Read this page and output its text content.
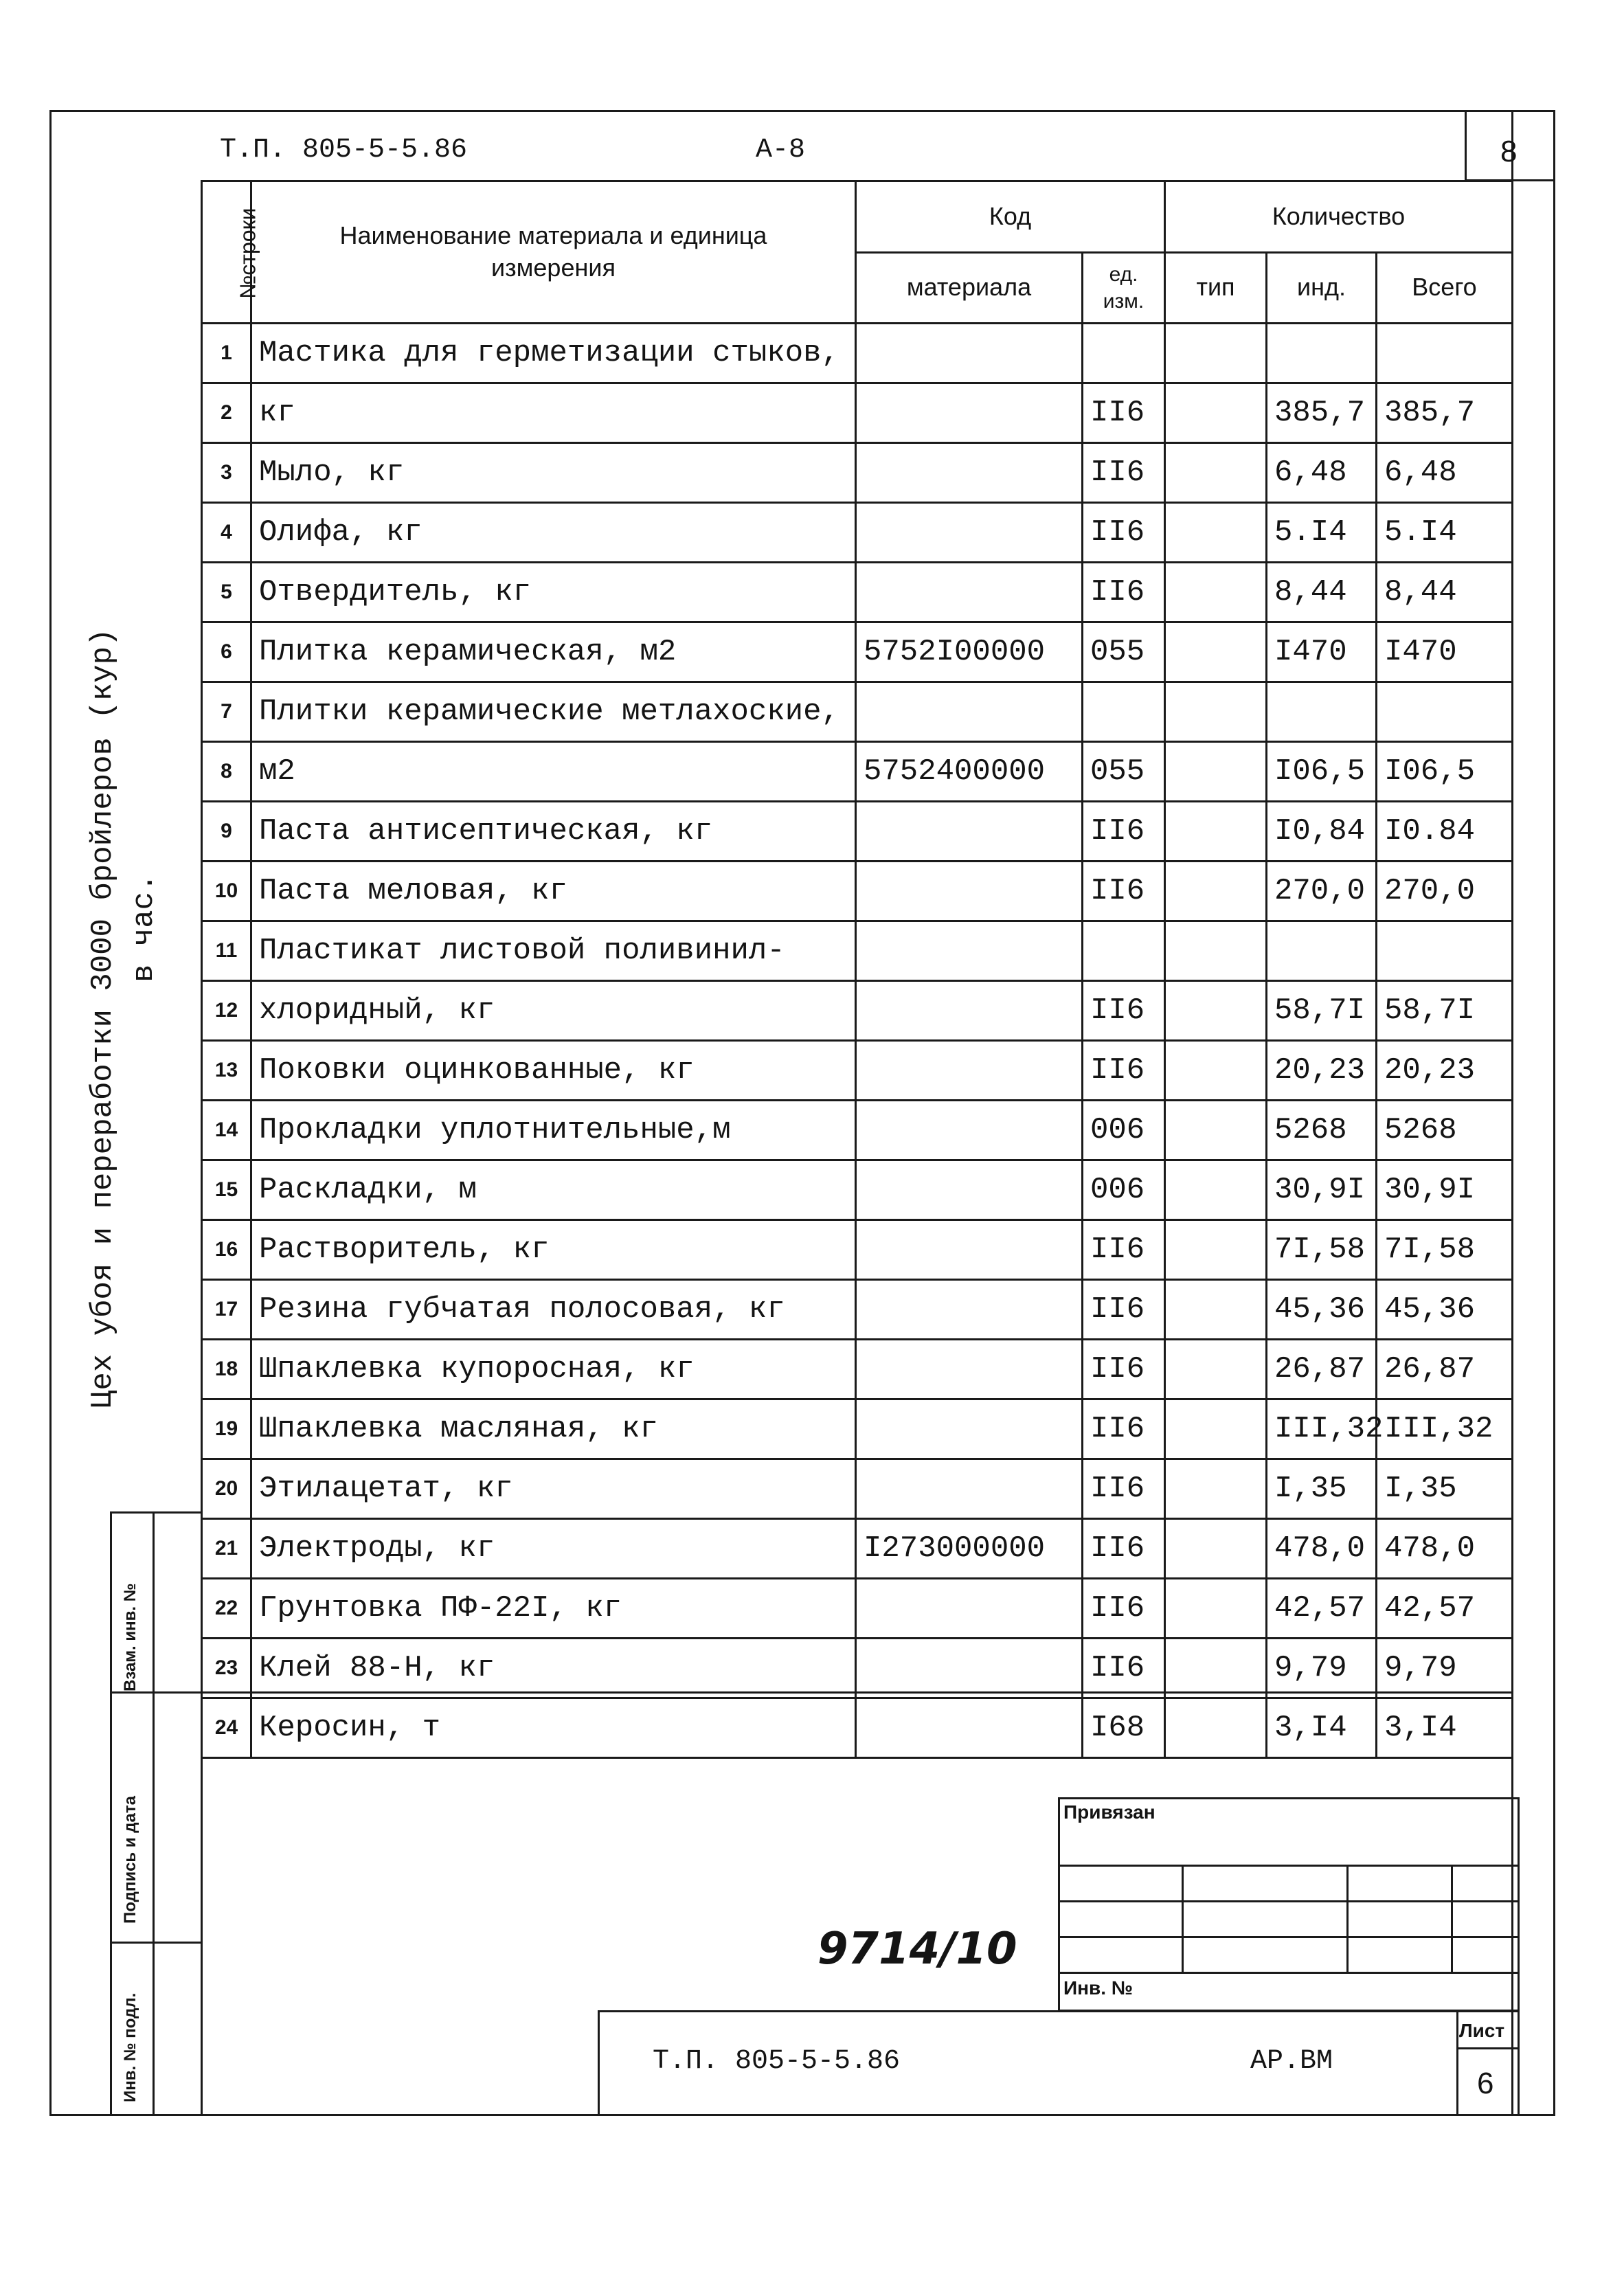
Т.П. 805-5-5.86	А-8	8
№строки	Наименование материала и единица измерения	Код		Количество		
		материала	ед. изм.	тип	инд.	Всего
1	Мастика для герметизации стыков,					
2	кг		II6		385,7	385,7
3	Мыло, кг		II6		6,48	6,48
4	Олифа, кг		II6		5.I4	5.I4
5	Отвердитель, кг		II6		8,44	8,44
6	Плитка керамическая, м2	5752I00000	055		I470	I470
7	Плитки керамические метлахоские,					
8	м2	5752400000	055		I06,5	I06,5
9	Паста антисептическая, кг		II6		I0,84	I0.84
10	Паста меловая, кг		II6		270,0	270,0
11	Пластикат листовой поливинил-					
12	хлоридный, кг		II6		58,7I	58,7I
13	Поковки оцинкованные, кг		II6		20,23	20,23
14	Прокладки уплотнительные,м		006		5268	5268
15	Раскладки, м		006		30,9I	30,9I
16	Растворитель, кг		II6		7I,58	7I,58
17	Резина губчатая полосовая, кг		II6		45,36	45,36
18	Шпаклевка купоросная, кг		II6		26,87	26,87
19	Шпаклевка масляная, кг		II6		III,32	III,32
20	Этилацетат, кг		II6		I,35	I,35
21	Электроды, кг	I273000000	II6		478,0	478,0
22	Грунтовка ПФ-22I, кг		II6		42,57	42,57
23	Клей 88-Н, кг		II6		9,79	9,79
24	Керосин, т		I68		3,I4	3,I4
Взам. инв. №
Подпись и дата
Инв. № подл.
Цех убоя и переработки 3000 бройлеров (кур) в час.
9714/10
Привязан
Инв. №
Т.П. 805-5-5.86	АР.ВМ
Лист
6
